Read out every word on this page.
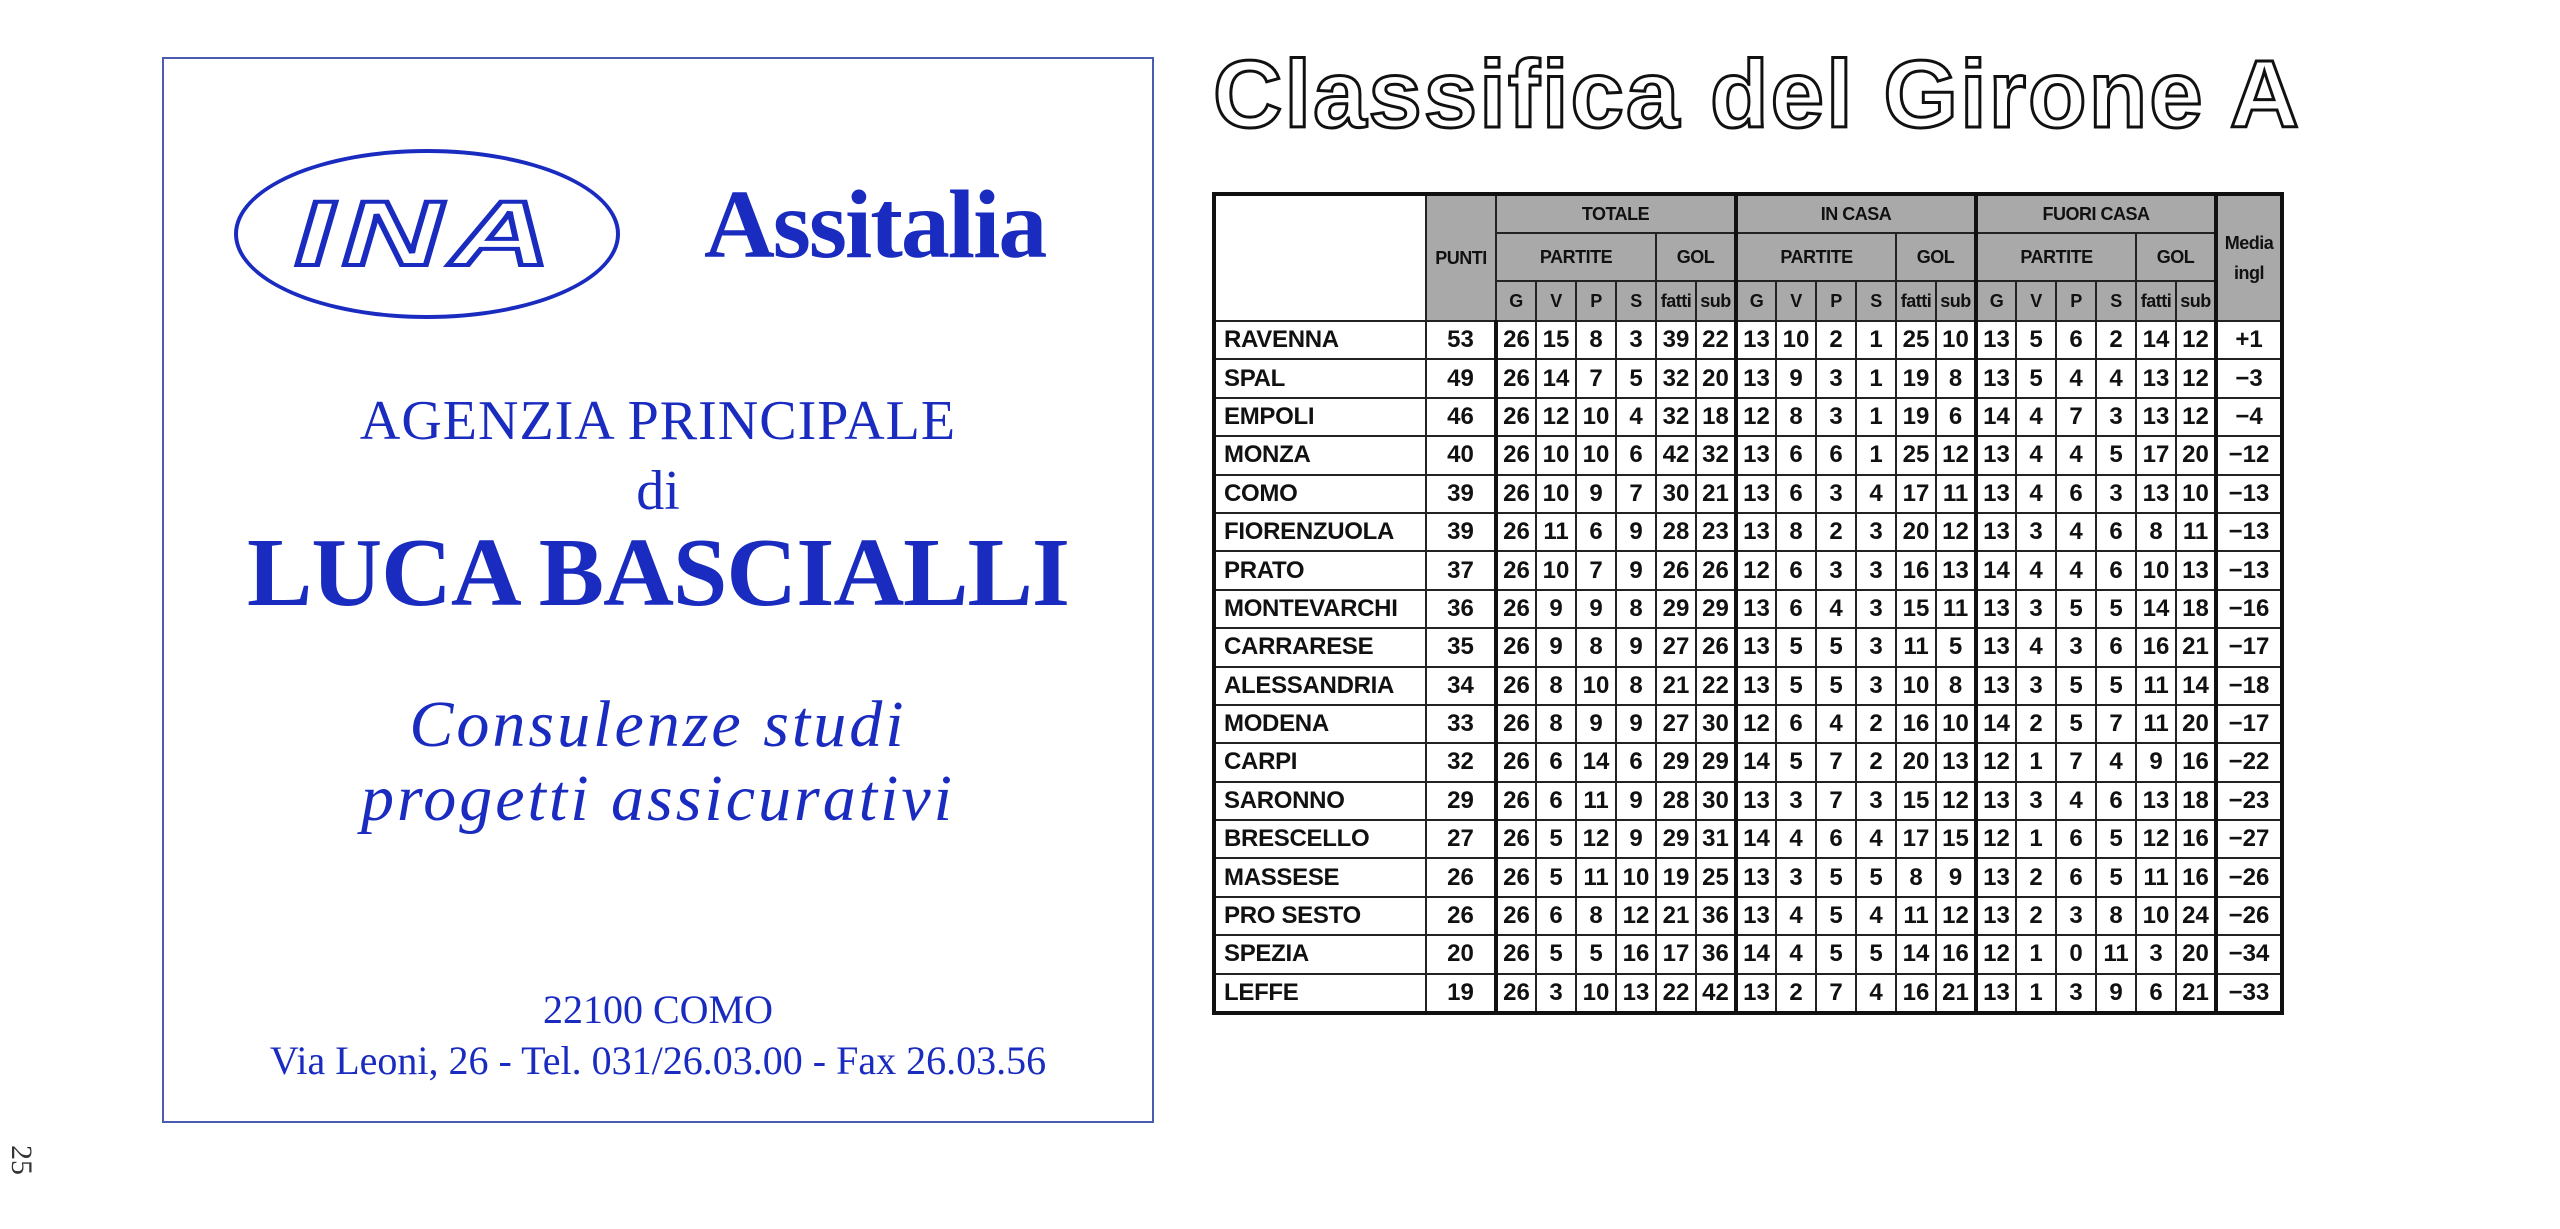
INA Assitalia
AGENZIA PRINCIPALE
di
LUCA BASCIALLI
Consulenze studi
progetti assicurativi
22100 COMO
Via Leoni, 26 - Tel. 031/26.03.00 - Fax 26.03.56
25
Classifica del Girone A
	PUNTI	TOTALE						IN CASA						FUORI CASA						Media ingl
		PARTITE				GOL		PARTITE				GOL		PARTITE				GOL		
		G	V	P	S	fatti	sub	G	V	P	S	fatti	sub	G	V	P	S	fatti	sub	
RAVENNA	53	26	15	8	3	39	22	13	10	2	1	25	10	13	5	6	2	14	12	+1
SPAL	49	26	14	7	5	32	20	13	9	3	1	19	8	13	5	4	4	13	12	−3
EMPOLI	46	26	12	10	4	32	18	12	8	3	1	19	6	14	4	7	3	13	12	−4
MONZA	40	26	10	10	6	42	32	13	6	6	1	25	12	13	4	4	5	17	20	−12
COMO	39	26	10	9	7	30	21	13	6	3	4	17	11	13	4	6	3	13	10	−13
FIORENZUOLA	39	26	11	6	9	28	23	13	8	2	3	20	12	13	3	4	6	8	11	−13
PRATO	37	26	10	7	9	26	26	12	6	3	3	16	13	14	4	4	6	10	13	−13
MONTEVARCHI	36	26	9	9	8	29	29	13	6	4	3	15	11	13	3	5	5	14	18	−16
CARRARESE	35	26	9	8	9	27	26	13	5	5	3	11	5	13	4	3	6	16	21	−17
ALESSANDRIA	34	26	8	10	8	21	22	13	5	5	3	10	8	13	3	5	5	11	14	−18
MODENA	33	26	8	9	9	27	30	12	6	4	2	16	10	14	2	5	7	11	20	−17
CARPI	32	26	6	14	6	29	29	14	5	7	2	20	13	12	1	7	4	9	16	−22
SARONNO	29	26	6	11	9	28	30	13	3	7	3	15	12	13	3	4	6	13	18	−23
BRESCELLO	27	26	5	12	9	29	31	14	4	6	4	17	15	12	1	6	5	12	16	−27
MASSESE	26	26	5	11	10	19	25	13	3	5	5	8	9	13	2	6	5	11	16	−26
PRO SESTO	26	26	6	8	12	21	36	13	4	5	4	11	12	13	2	3	8	10	24	−26
SPEZIA	20	26	5	5	16	17	36	14	4	5	5	14	16	12	1	0	11	3	20	−34
LEFFE	19	26	3	10	13	22	42	13	2	7	4	16	21	13	1	3	9	6	21	−33
